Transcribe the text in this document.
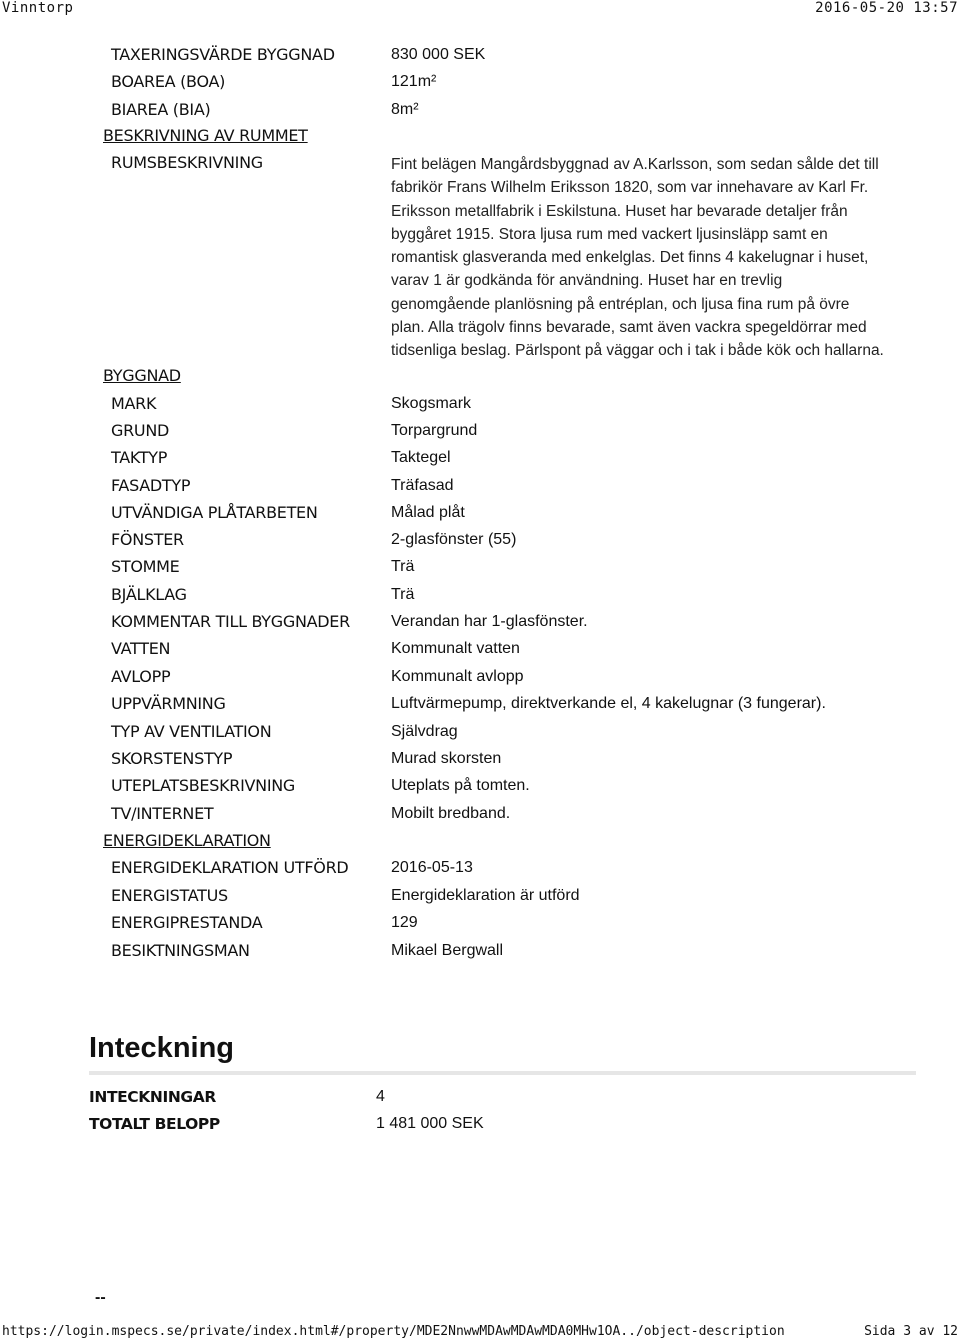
Vinntorp	2016-05-20 13:57
TAXERINGSVÄRDE BYGGNAD	830 000 SEK
BOAREA (BOA)	121m²
BIAREA (BIA)	8m²
BESKRIVNING AV RUMMET
RUMSBESKRIVNING	Fint belägen Mangårdsbyggnad av A.Karlsson, som sedan sålde det till
fabrikör Frans Wilhelm Eriksson 1820, som var innehavare av Karl Fr.
Eriksson metallfabrik i Eskilstuna. Huset har bevarade detaljer från
byggåret 1915. Stora ljusa rum med vackert ljusinsläpp samt en
romantisk glasveranda med enkelglas. Det finns 4 kakelugnar i huset,
varav 1 är godkända för användning. Huset har en trevlig
genomgående planlösning på entréplan, och ljusa fina rum på övre
plan. Alla trägolv finns bevarade, samt även vackra spegeldörrar med
tidsenliga beslag. Pärlspont på väggar och i tak i både kök och hallarna.
BYGGNAD
MARK	Skogsmark
GRUND	Torpargrund
TAKTYP	Taktegel
FASADTYP	Träfasad
UTVÄNDIGA PLÅTARBETEN	Målad plåt
FÖNSTER	2-glasfönster (55)
STOMME	Trä
BJÄLKLAG	Trä
KOMMENTAR TILL BYGGNADER	Verandan har 1-glasfönster.
VATTEN	Kommunalt vatten
AVLOPP	Kommunalt avlopp
UPPVÄRMNING	Luftvärmepump, direktverkande el, 4 kakelugnar (3 fungerar).
TYP AV VENTILATION	Självdrag
SKORSTENSTYP	Murad skorsten
UTEPLATSBESKRIVNING	Uteplats på tomten.
TV/INTERNET	Mobilt bredband.
ENERGIDEKLARATION
ENERGIDEKLARATION UTFÖRD	2016-05-13
ENERGISTATUS	Energideklaration är utförd
ENERGIPRESTANDA	129
BESIKTNINGSMAN	Mikael Bergwall
Inteckning
INTECKNINGAR	4
TOTALT BELOPP	1 481 000 SEK
--
https://login.mspecs.se/private/index.html#/property/MDE2NnwwMDAwMDAwMDA0MHw1OA../object-description	Sida 3 av 12
